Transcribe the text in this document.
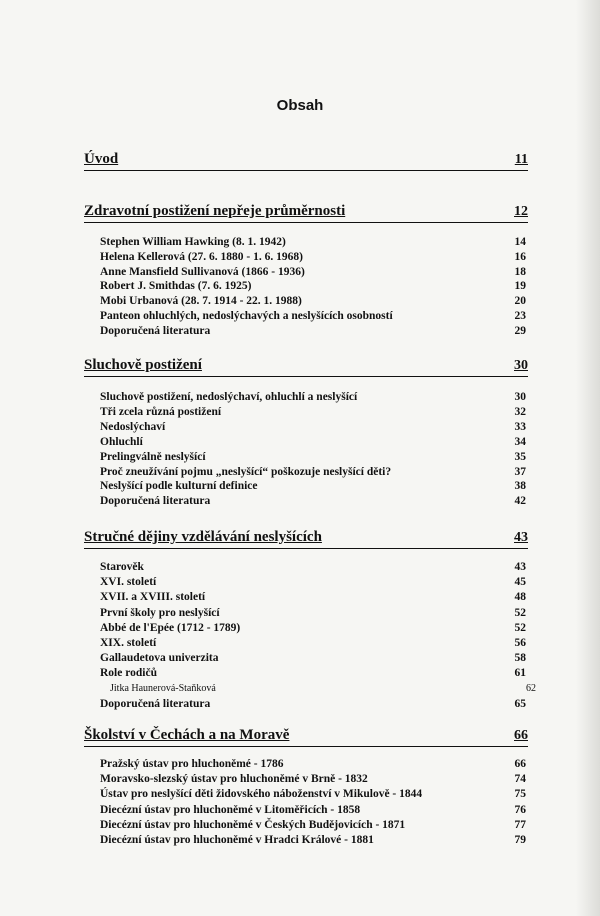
Obsah
Úvod	11
Zdravotní postižení nepřeje průměrnosti	12
Stephen William Hawking (8. 1. 1942)	14
Helena Kellerová (27. 6. 1880 - 1. 6. 1968)	16
Anne Mansfield Sullivanová (1866 - 1936)	18
Robert J. Smithdas (7. 6. 1925)	19
Mobi Urbanová (28. 7. 1914 - 22. 1. 1988)	20
Panteon ohluchlých, nedoslýchavých a neslyšících osobností	23
Doporučená literatura	29
Sluchově postižení	30
Sluchově postižení, nedoslýchaví, ohluchlí a neslyšící	30
Tři zcela různá postižení	32
Nedoslýchaví	33
Ohluchlí	34
Prelingválně neslyšící	35
Proč zneužívání pojmu „neslyšící“ poškozuje neslyšící děti?	37
Neslyšící podle kulturní definice	38
Doporučená literatura	42
Stručné dějiny vzdělávání neslyšících	43
Starověk	43
XVI. století	45
XVII. a XVIII. století	48
První školy pro neslyšící	52
Abbé de l'Epée (1712 - 1789)	52
XIX. století	56
Gallaudetova univerzita	58
Role rodičů	61
Jitka Haunerová-Staňková	62
Doporučená literatura	65
Školství v Čechách a na Moravě	66
Pražský ústav pro hluchoněmé - 1786	66
Moravsko-slezský ústav pro hluchoněmé v Brně - 1832	74
Ústav pro neslyšící děti židovského náboženství v Mikulově - 1844	75
Diecézní ústav pro hluchoněmé v Litoměřicích - 1858	76
Diecézní ústav pro hluchoněmé v Českých Budějovicích - 1871	77
Diecézní ústav pro hluchoněmé v Hradci Králové - 1881	79
